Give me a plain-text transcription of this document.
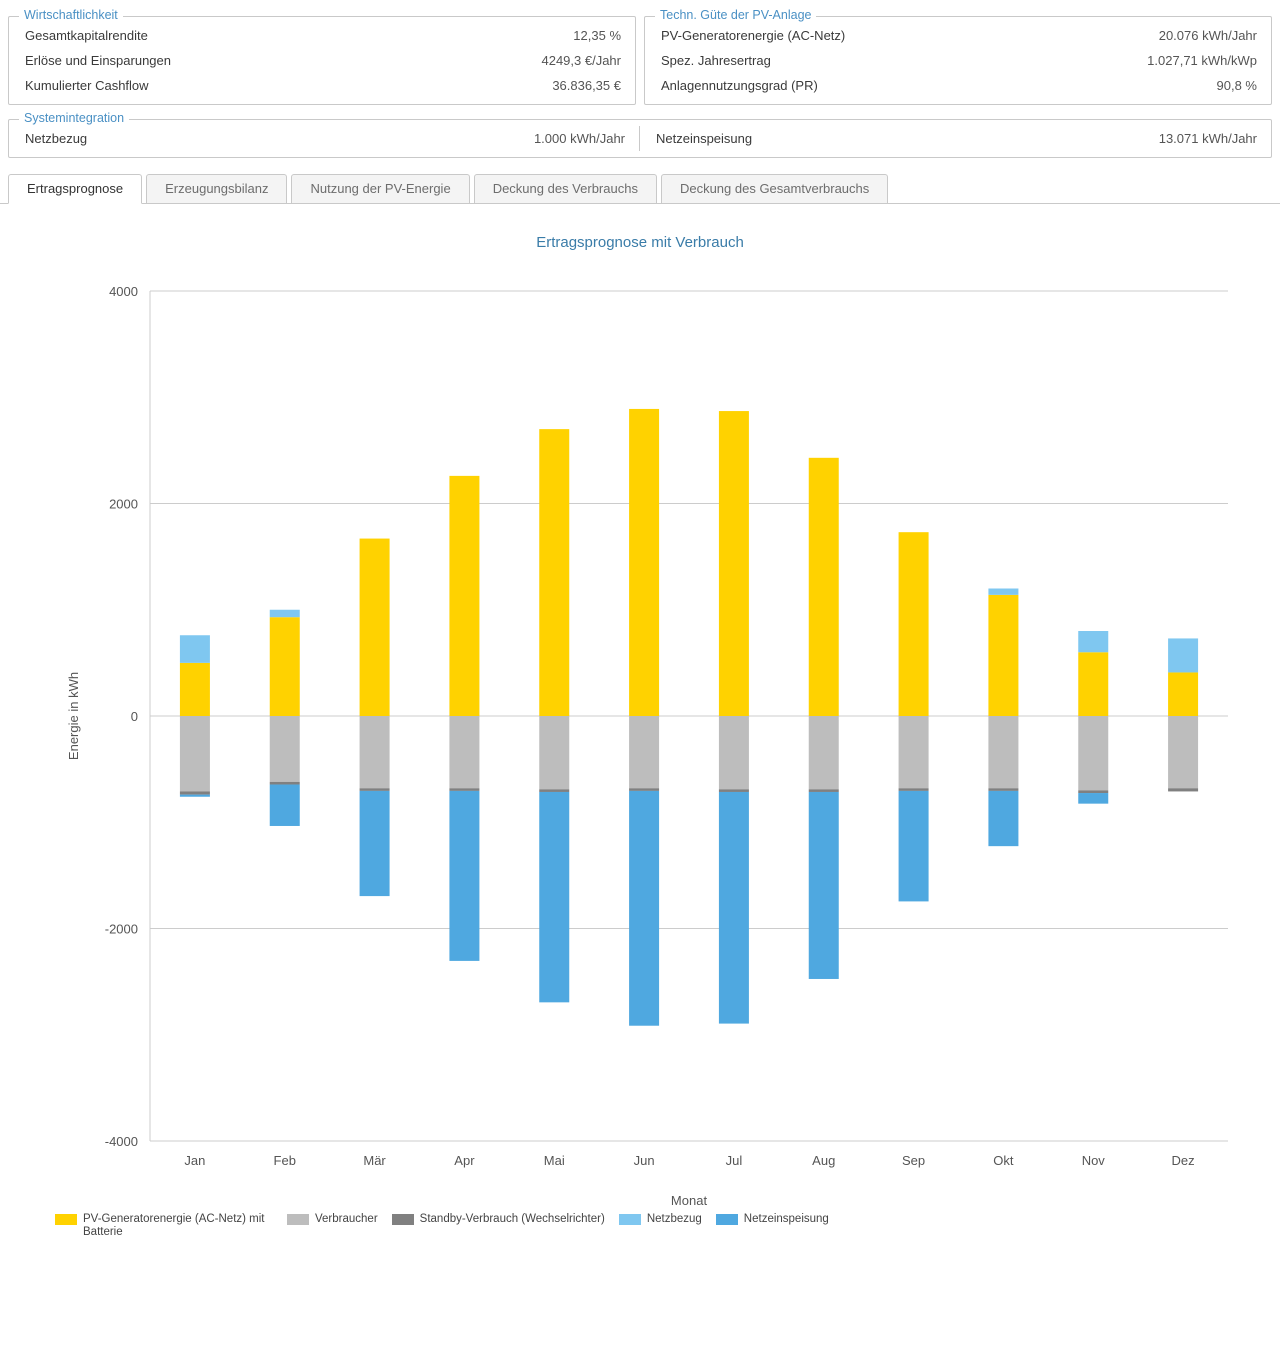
Wirtschaftlichkeit
Gesamtkapitalrendite	12,35 %
Erlöse und Einsparungen	4249,3 €/Jahr
Kumulierter Cashflow	36.836,35 €
Techn. Güte der PV-Anlage
PV-Generatorenergie (AC-Netz)	20.076 kWh/Jahr
Spez. Jahresertrag	1.027,71 kWh/kWp
Anlagennutzungsgrad (PR)	90,8 %
Systemintegration
Netzbezug	1.000 kWh/Jahr Netzeinspeisung	13.071 kWh/Jahr
Ertragsprognose	Erzeugungsbilanz	Nutzung der PV-Energie	Deckung des Verbrauchs	Deckung des Gesamtverbrauchs
Ertragsprognose mit Verbrauch
4000
2000
0
-2000
-4000
Jan	Feb	Mär	Apr	Mai	Jun	Jul	Aug	Sep	Okt	Nov	Dez
Monat
Energie in kWh
PV-Generatorenergie (AC-Netz) mit Batterie
Verbraucher	Standby-Verbrauch (Wechselrichter)	Netzbezug	Netzeinspeisung
